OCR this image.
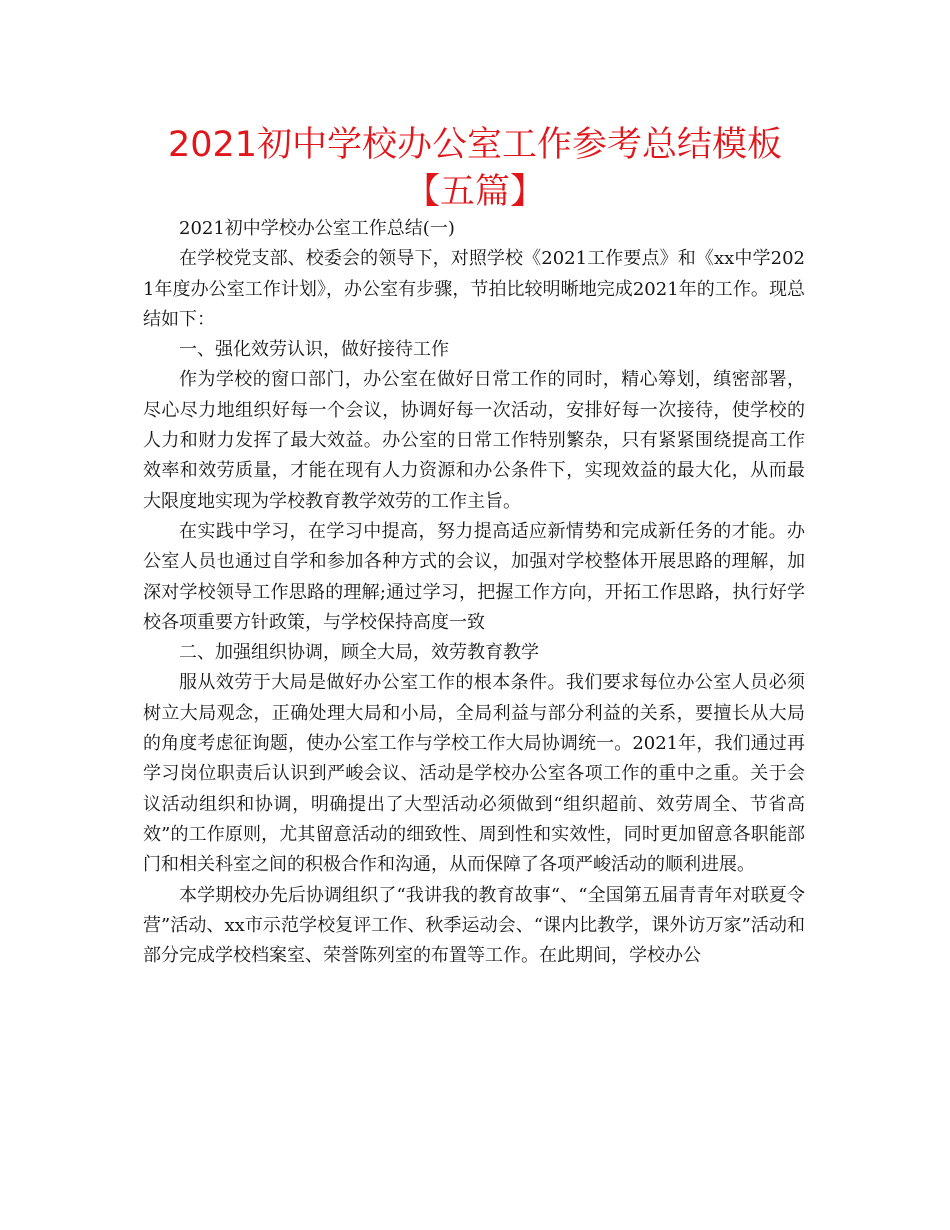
2021初中学校办公室工作参考总结模板【五篇】

2021初中学校办公室工作总结(一)

在学校党支部、校委会的领导下，对照学校《2021工作要点》和《xx中学2021年度办公室工作计划》，办公室有步骤，节拍比较明晰地完成2021年的工作。现总结如下：

一、强化效劳认识，做好接待工作

作为学校的窗口部门，办公室在做好日常工作的同时，精心筹划，缜密部署，尽心尽力地组织好每一个会议，协调好每一次活动，安排好每一次接待，使学校的人力和财力发挥了最大效益。办公室的日常工作特别繁杂，只有紧紧围绕提高工作效率和效劳质量，才能在现有人力资源和办公条件下，实现效益的最大化，从而最大限度地实现为学校教育教学效劳的工作主旨。

在实践中学习，在学习中提高，努力提高适应新情势和完成新任务的才能。办公室人员也通过自学和参加各种方式的会议，加强对学校整体开展思路的理解，加深对学校领导工作思路的理解;通过学习，把握工作方向，开拓工作思路，执行好学校各项重要方针政策，与学校保持高度一致

二、加强组织协调，顾全大局，效劳教育教学

服从效劳于大局是做好办公室工作的根本条件。我们要求每位办公室人员必须树立大局观念，正确处理大局和小局，全局利益与部分利益的关系，要擅长从大局的角度考虑征询题，使办公室工作与学校工作大局协调统一。2021年，我们通过再学习岗位职责后认识到严峻会议、活动是学校办公室各项工作的重中之重。关于会议活动组织和协调，明确提出了大型活动必须做到“组织超前、效劳周全、节省高效”的工作原则，尤其留意活动的细致性、周到性和实效性，同时更加留意各职能部门和相关科室之间的积极合作和沟通，从而保障了各项严峻活动的顺利进展。

本学期校办先后协调组织了“我讲我的教育故事“、“全国第五届青青年对联夏令营”活动、xx市示范学校复评工作、秋季运动会、“课内比教学，课外访万家”活动和部分完成学校档案室、荣誉陈列室的布置等工作。在此期间，学校办公
